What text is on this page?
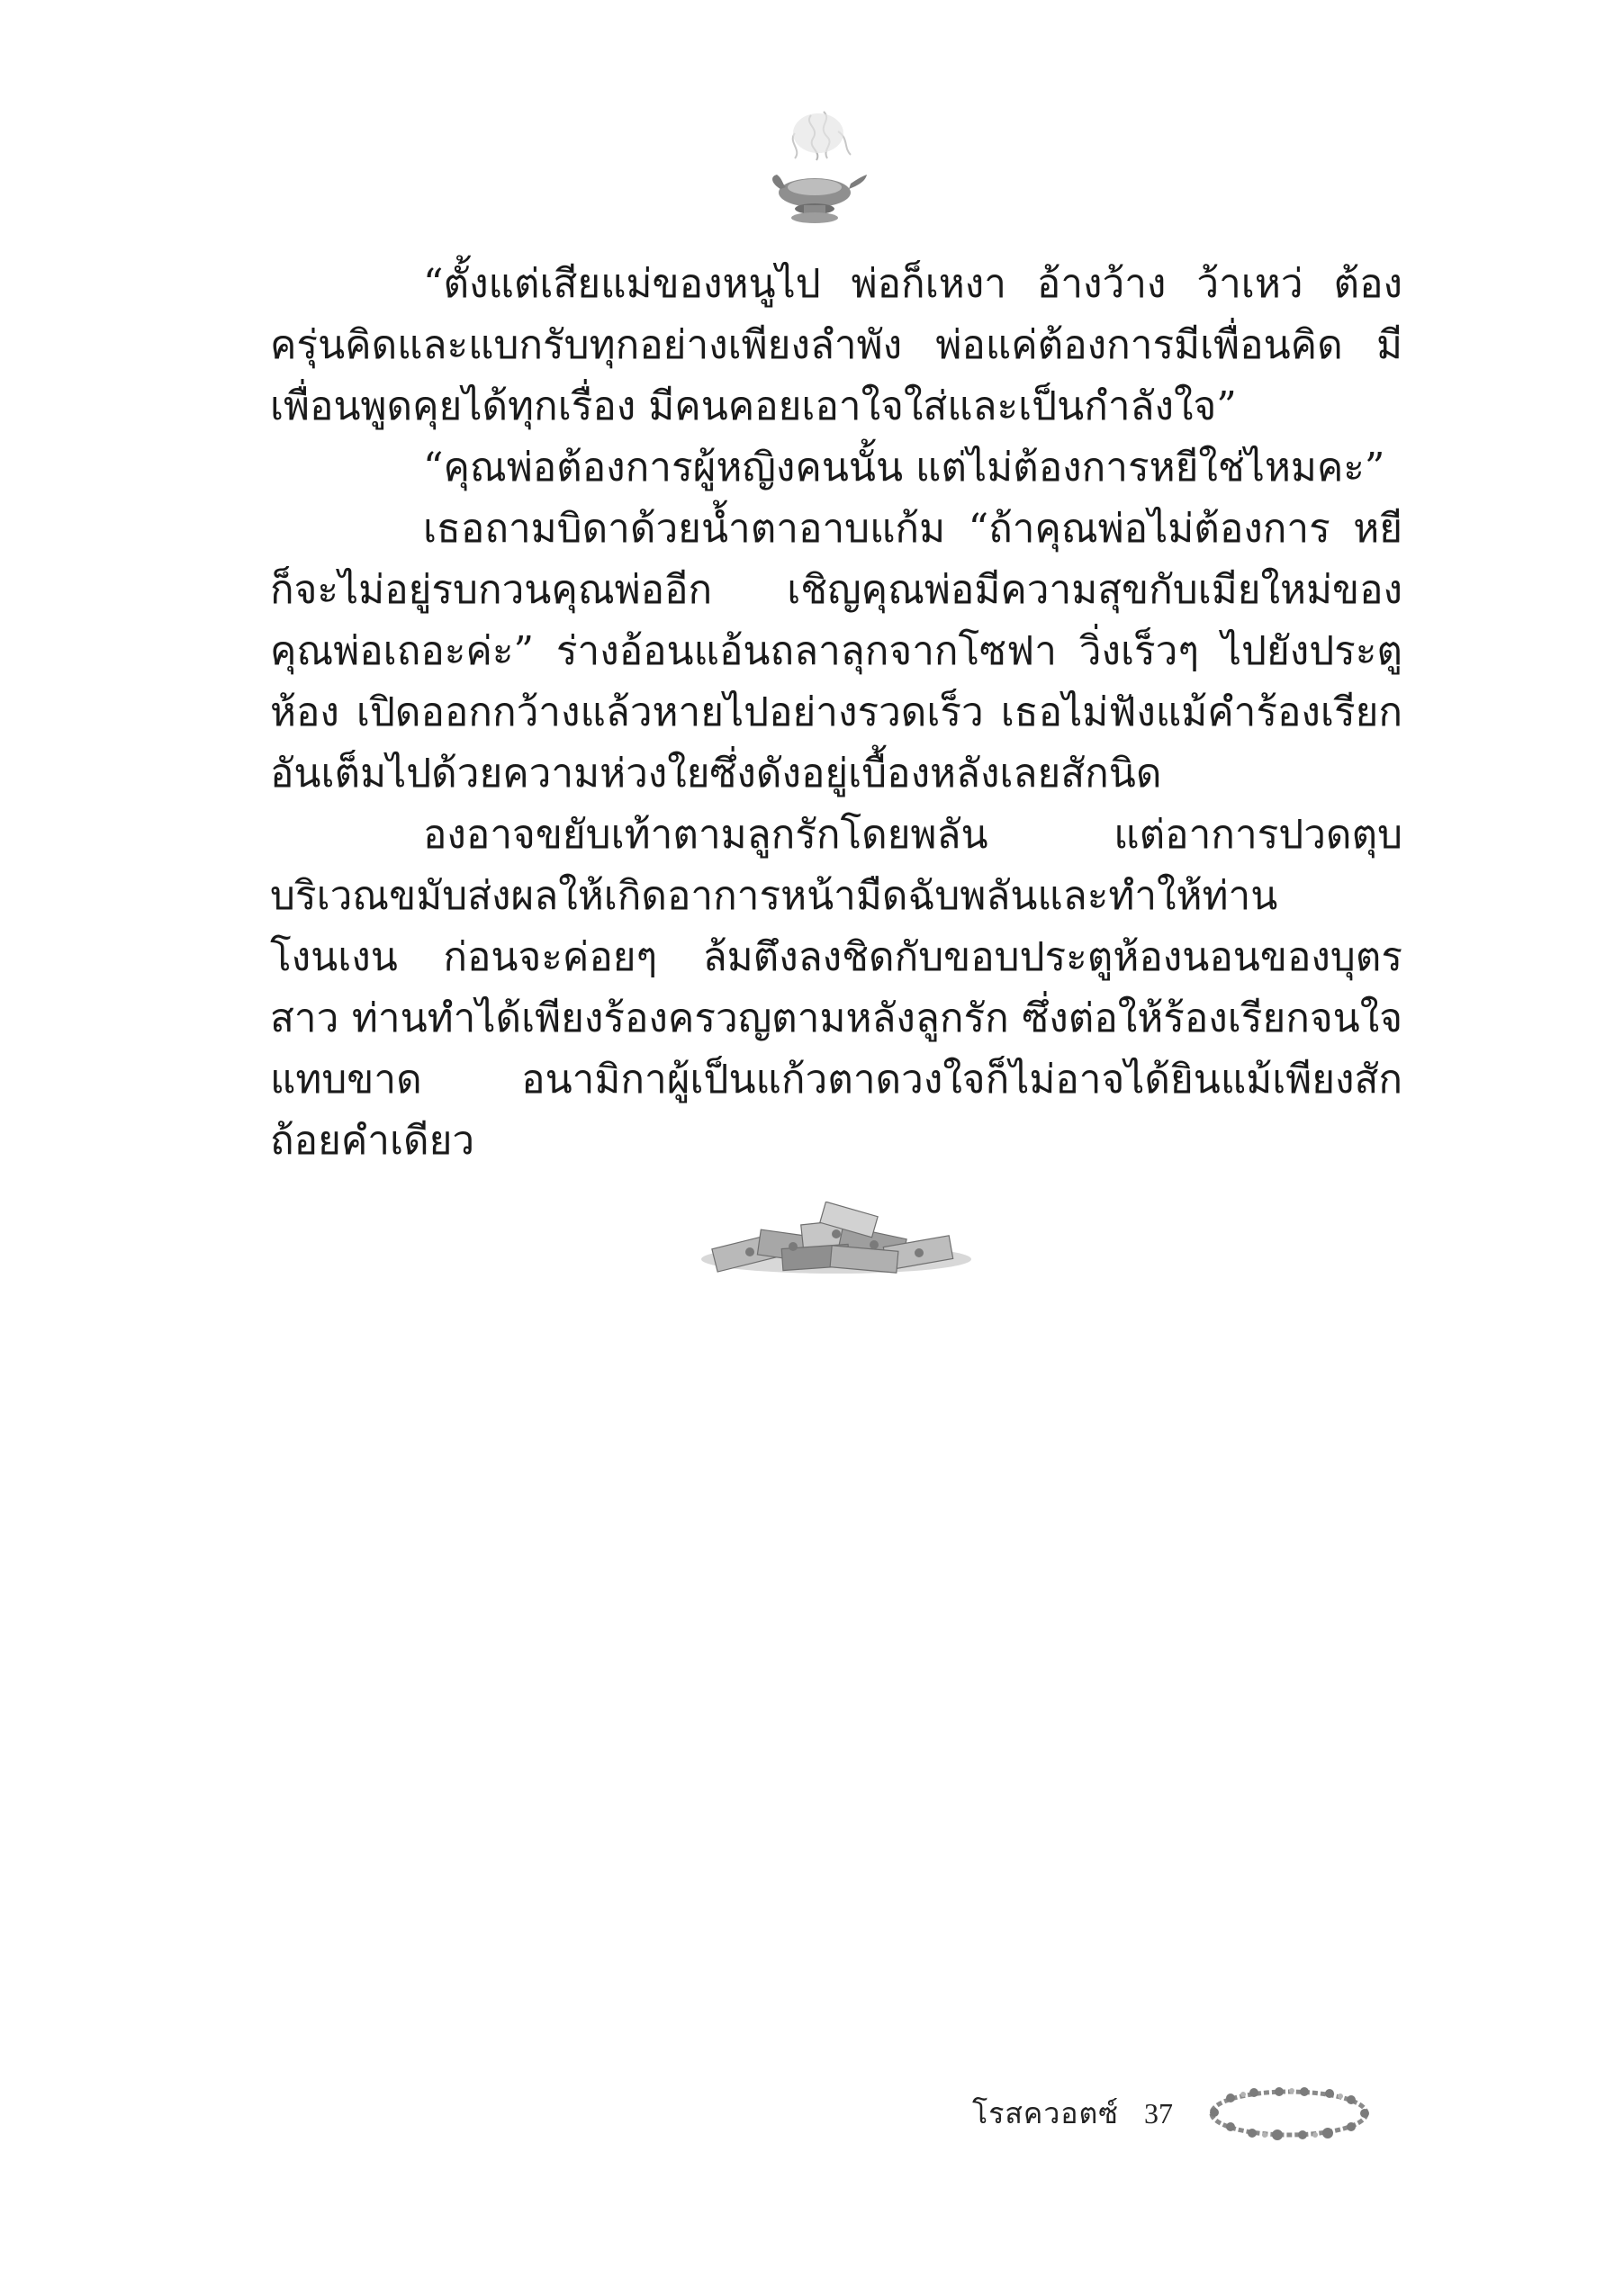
“ตั้งแต่เสียแม่ของหนูไป พ่อก็เหงา อ้างว้าง ว้าเหว่ ต้องครุ่นคิดและแบกรับทุกอย่างเพียงลำพัง พ่อแค่ต้องการมีเพื่อนคิด มีเพื่อนพูดคุยได้ทุกเรื่อง มีคนคอยเอาใจใส่และเป็นกำลังใจ”

“คุณพ่อต้องการผู้หญิงคนนั้น แต่ไม่ต้องการหยีใช่ไหมคะ”

เธอถามบิดาด้วยน้ำตาอาบแก้ม “ถ้าคุณพ่อไม่ต้องการ หยีก็จะไม่อยู่รบกวนคุณพ่ออีก เชิญคุณพ่อมีความสุขกับเมียใหม่ของคุณพ่อเถอะค่ะ” ร่างอ้อนแอ้นถลาลุกจากโซฟา วิ่งเร็วๆ ไปยังประตูห้อง เปิดออกกว้างแล้วหายไปอย่างรวดเร็ว เธอไม่ฟังแม้คำร้องเรียกอันเต็มไปด้วยความห่วงใยซึ่งดังอยู่เบื้องหลังเลยสักนิด

องอาจขยับเท้าตามลูกรักโดยพลัน แต่อาการปวดตุบบริเวณขมับส่งผลให้เกิดอาการหน้ามืดฉับพลันและทำให้ท่านโงนเงน ก่อนจะค่อยๆ ล้มตึงลงชิดกับขอบประตูห้องนอนของบุตรสาว ท่านทำได้เพียงร้องครวญตามหลังลูกรัก ซึ่งต่อให้ร้องเรียกจนใจแทบขาด อนามิกาผู้เป็นแก้วตาดวงใจก็ไม่อาจได้ยินแม้เพียงสักถ้อยคำเดียว

โรสควอตซ์ 37
